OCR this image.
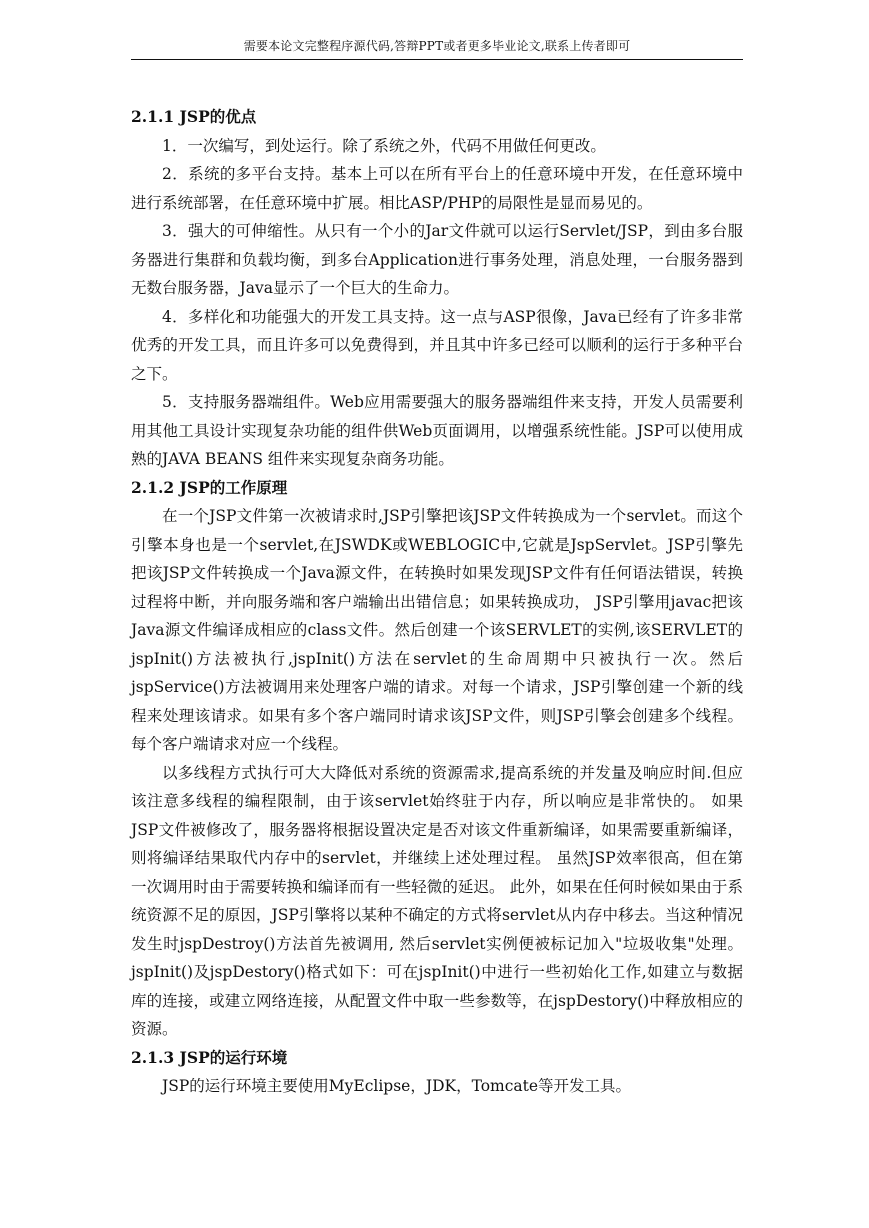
需要本论文完整程序源代码,答辩PPT或者更多毕业论文,联系上传者即可
2.1.1 JSP的优点

1．一次编写，到处运行。除了系统之外，代码不用做任何更改。

2．系统的多平台支持。基本上可以在所有平台上的任意环境中开发，在任意环境中进行系统部署，在任意环境中扩展。相比ASP/PHP的局限性是显而易见的。

3．强大的可伸缩性。从只有一个小的Jar文件就可以运行Servlet/JSP，到由多台服务器进行集群和负载均衡，到多台Application进行事务处理，消息处理，一台服务器到无数台服务器，Java显示了一个巨大的生命力。

4．多样化和功能强大的开发工具支持。这一点与ASP很像，Java已经有了许多非常优秀的开发工具，而且许多可以免费得到，并且其中许多已经可以顺利的运行于多种平台之下。

5．支持服务器端组件。Web应用需要强大的服务器端组件来支持，开发人员需要利用其他工具设计实现复杂功能的组件供Web页面调用，以增强系统性能。JSP可以使用成熟的JAVA BEANS 组件来实现复杂商务功能。

2.1.2 JSP的工作原理

在一个JSP文件第一次被请求时,JSP引擎把该JSP文件转换成为一个servlet。而这个引擎本身也是一个servlet,在JSWDK或WEBLOGIC中,它就是JspServlet。JSP引擎先把该JSP文件转换成一个Java源文件，在转换时如果发现JSP文件有任何语法错误，转换过程将中断，并向服务端和客户端输出出错信息；如果转换成功， JSP引擎用javac把该Java源文件编译成相应的class文件。然后创建一个该SERVLET的实例,该SERVLET的jspInit()方法被执行,jspInit()方法在servlet的生命周期中只被执行一次。然后jspService()方法被调用来处理客户端的请求。对每一个请求，JSP引擎创建一个新的线程来处理该请求。如果有多个客户端同时请求该JSP文件，则JSP引擎会创建多个线程。每个客户端请求对应一个线程。

以多线程方式执行可大大降低对系统的资源需求,提高系统的并发量及响应时间.但应该注意多线程的编程限制，由于该servlet始终驻于内存，所以响应是非常快的。 如果JSP文件被修改了，服务器将根据设置决定是否对该文件重新编译，如果需要重新编译，则将编译结果取代内存中的servlet，并继续上述处理过程。 虽然JSP效率很高，但在第一次调用时由于需要转换和编译而有一些轻微的延迟。 此外，如果在任何时候如果由于系统资源不足的原因，JSP引擎将以某种不确定的方式将servlet从内存中移去。当这种情况发生时jspDestroy()方法首先被调用, 然后servlet实例便被标记加入"垃圾收集"处理。 jspInit()及jspDestory()格式如下：可在jspInit()中进行一些初始化工作,如建立与数据库的连接，或建立网络连接，从配置文件中取一些参数等，在jspDestory()中释放相应的资源。

2.1.3 JSP的运行环境

JSP的运行环境主要使用MyEclipse，JDK，Tomcate等开发工具。
